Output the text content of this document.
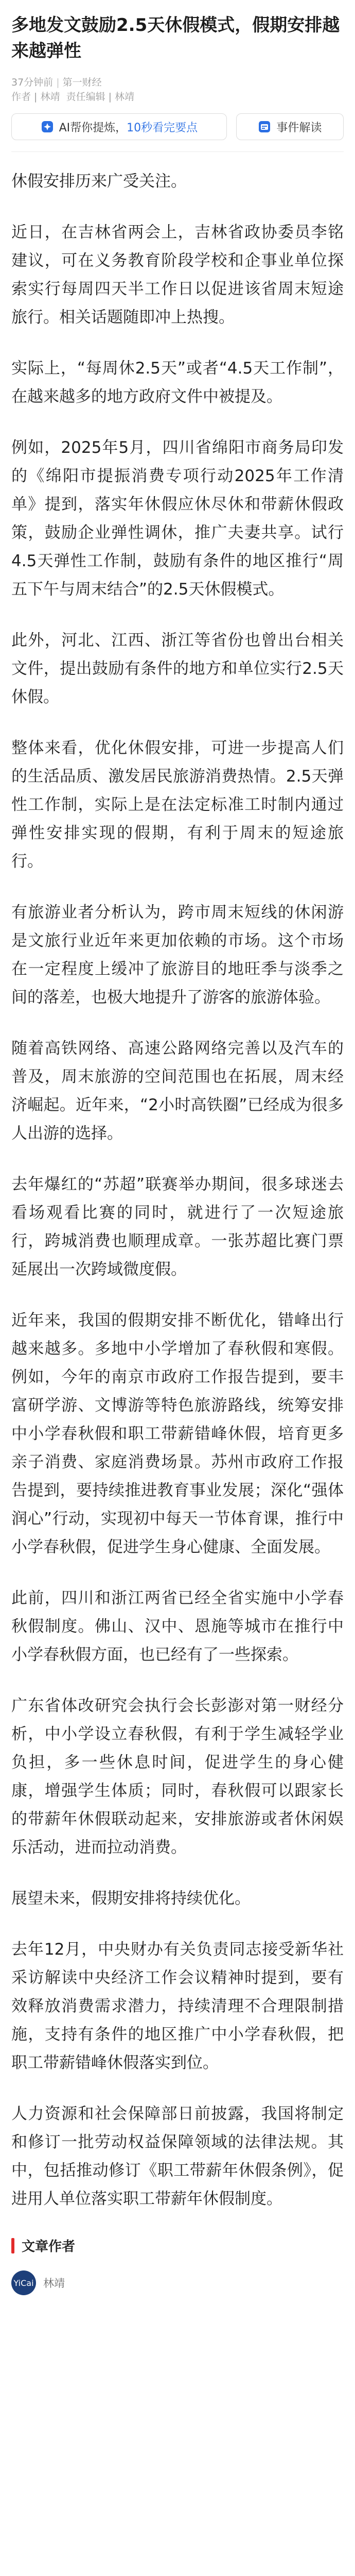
多地发文鼓励2.5天休假模式，假期安排越来越弹性
37分钟前 | 第一财经
作者 | 林靖 责任编辑 | 林靖
AI帮你提炼， 10秒看完要点	事件解读

休假安排历来广受关注。

近日，在吉林省两会上，吉林省政协委员李铭建议，可在义务教育阶段学校和企事业单位探索实行每周四天半工作日以促进该省周末短途旅行。相关话题随即冲上热搜。

实际上，“每周休2.5天”或者“4.5天工作制”，在越来越多的地方政府文件中被提及。

例如，2025年5月，四川省绵阳市商务局印发的《绵阳市提振消费专项行动2025年工作清单》提到，落实年休假应休尽休和带薪休假政策，鼓励企业弹性调休，推广夫妻共享。试行4.5天弹性工作制，鼓励有条件的地区推行“周五下午与周末结合”的2.5天休假模式。

此外，河北、江西、浙江等省份也曾出台相关文件，提出鼓励有条件的地方和单位实行2.5天休假。

整体来看，优化休假安排，可进一步提高人们的生活品质、激发居民旅游消费热情。2.5天弹性工作制，实际上是在法定标准工时制内通过弹性安排实现的假期，有利于周末的短途旅行。

有旅游业者分析认为，跨市周末短线的休闲游是文旅行业近年来更加依赖的市场。这个市场在一定程度上缓冲了旅游目的地旺季与淡季之间的落差，也极大地提升了游客的旅游体验。

随着高铁网络、高速公路网络完善以及汽车的普及，周末旅游的空间范围也在拓展，周末经济崛起。近年来，“2小时高铁圈”已经成为很多人出游的选择。

去年爆红的“苏超”联赛举办期间，很多球迷去看场观看比赛的同时，就进行了一次短途旅行，跨城消费也顺理成章。一张苏超比赛门票延展出一次跨域微度假。

近年来，我国的假期安排不断优化，错峰出行越来越多。多地中小学增加了春秋假和寒假。例如，今年的南京市政府工作报告提到，要丰富研学游、文博游等特色旅游路线，统筹安排中小学春秋假和职工带薪错峰休假，培育更多亲子消费、家庭消费场景。苏州市政府工作报告提到，要持续推进教育事业发展；深化“强体润心”行动，实现初中每天一节体育课，推行中小学春秋假，促进学生身心健康、全面发展。

此前，四川和浙江两省已经全省实施中小学春秋假制度。佛山、汉中、恩施等城市在推行中小学春秋假方面，也已经有了一些探索。

广东省体改研究会执行会长彭澎对第一财经分析，中小学设立春秋假，有利于学生减轻学业负担，多一些休息时间，促进学生的身心健康，增强学生体质；同时，春秋假可以跟家长的带薪年休假联动起来，安排旅游或者休闲娱乐活动，进而拉动消费。

展望未来，假期安排将持续优化。

去年12月，中央财办有关负责同志接受新华社采访解读中央经济工作会议精神时提到，要有效释放消费需求潜力，持续清理不合理限制措施，支持有条件的地区推广中小学春秋假，把职工带薪错峰休假落实到位。

人力资源和社会保障部日前披露，我国将制定和修订一批劳动权益保障领域的法律法规。其中，包括推动修订《职工带薪年休假条例》，促进用人单位落实职工带薪年休假制度。

文章作者
YiCai 林靖
